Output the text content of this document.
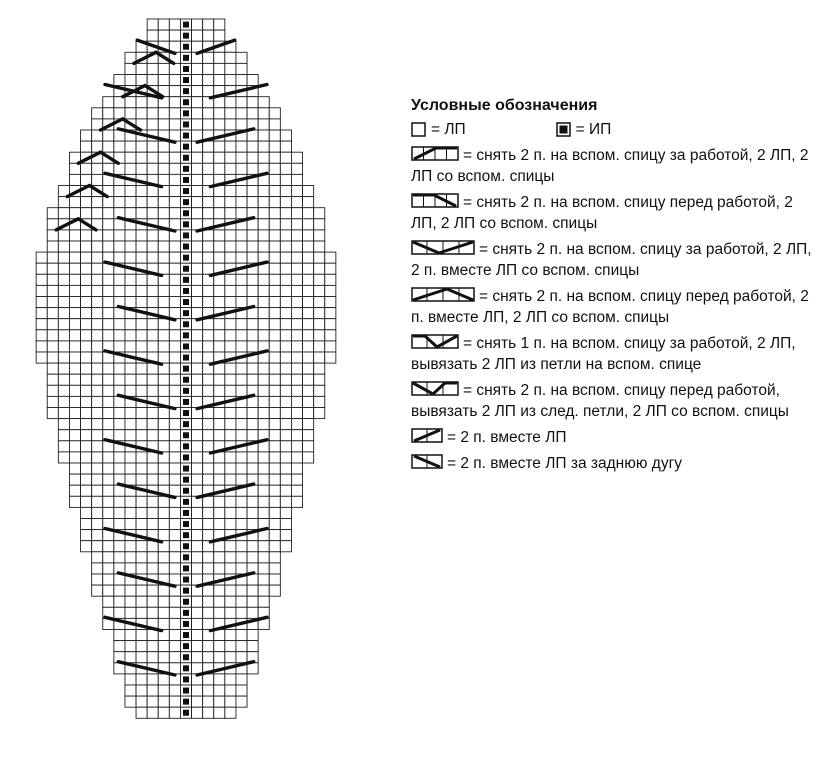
Условные обозначения
= ЛП	= ИП
= снять 2 п. на вспом. спицу за работой, 2 ЛП, 2 ЛП со вспом. спицы
= снять 2 п. на вспом. спицу перед работой, 2 ЛП, 2 ЛП со вспом. спицы
= снять 2 п. на вспом. спицу за работой, 2 ЛП, 2 п. вместе ЛП со вспом. спицы
= снять 2 п. на вспом. спицу перед работой, 2 п. вместе ЛП, 2 ЛП со вспом. спицы
= снять 1 п. на вспом. спицу за работой, 2 ЛП, вывязать 2 ЛП из петли на вспом. спице
= снять 2 п. на вспом. спицу перед работой, вывязать 2 ЛП из след. петли, 2 ЛП со вспом. спицы
= 2 п. вместе ЛП
= 2 п. вместе ЛП за заднюю дугу
